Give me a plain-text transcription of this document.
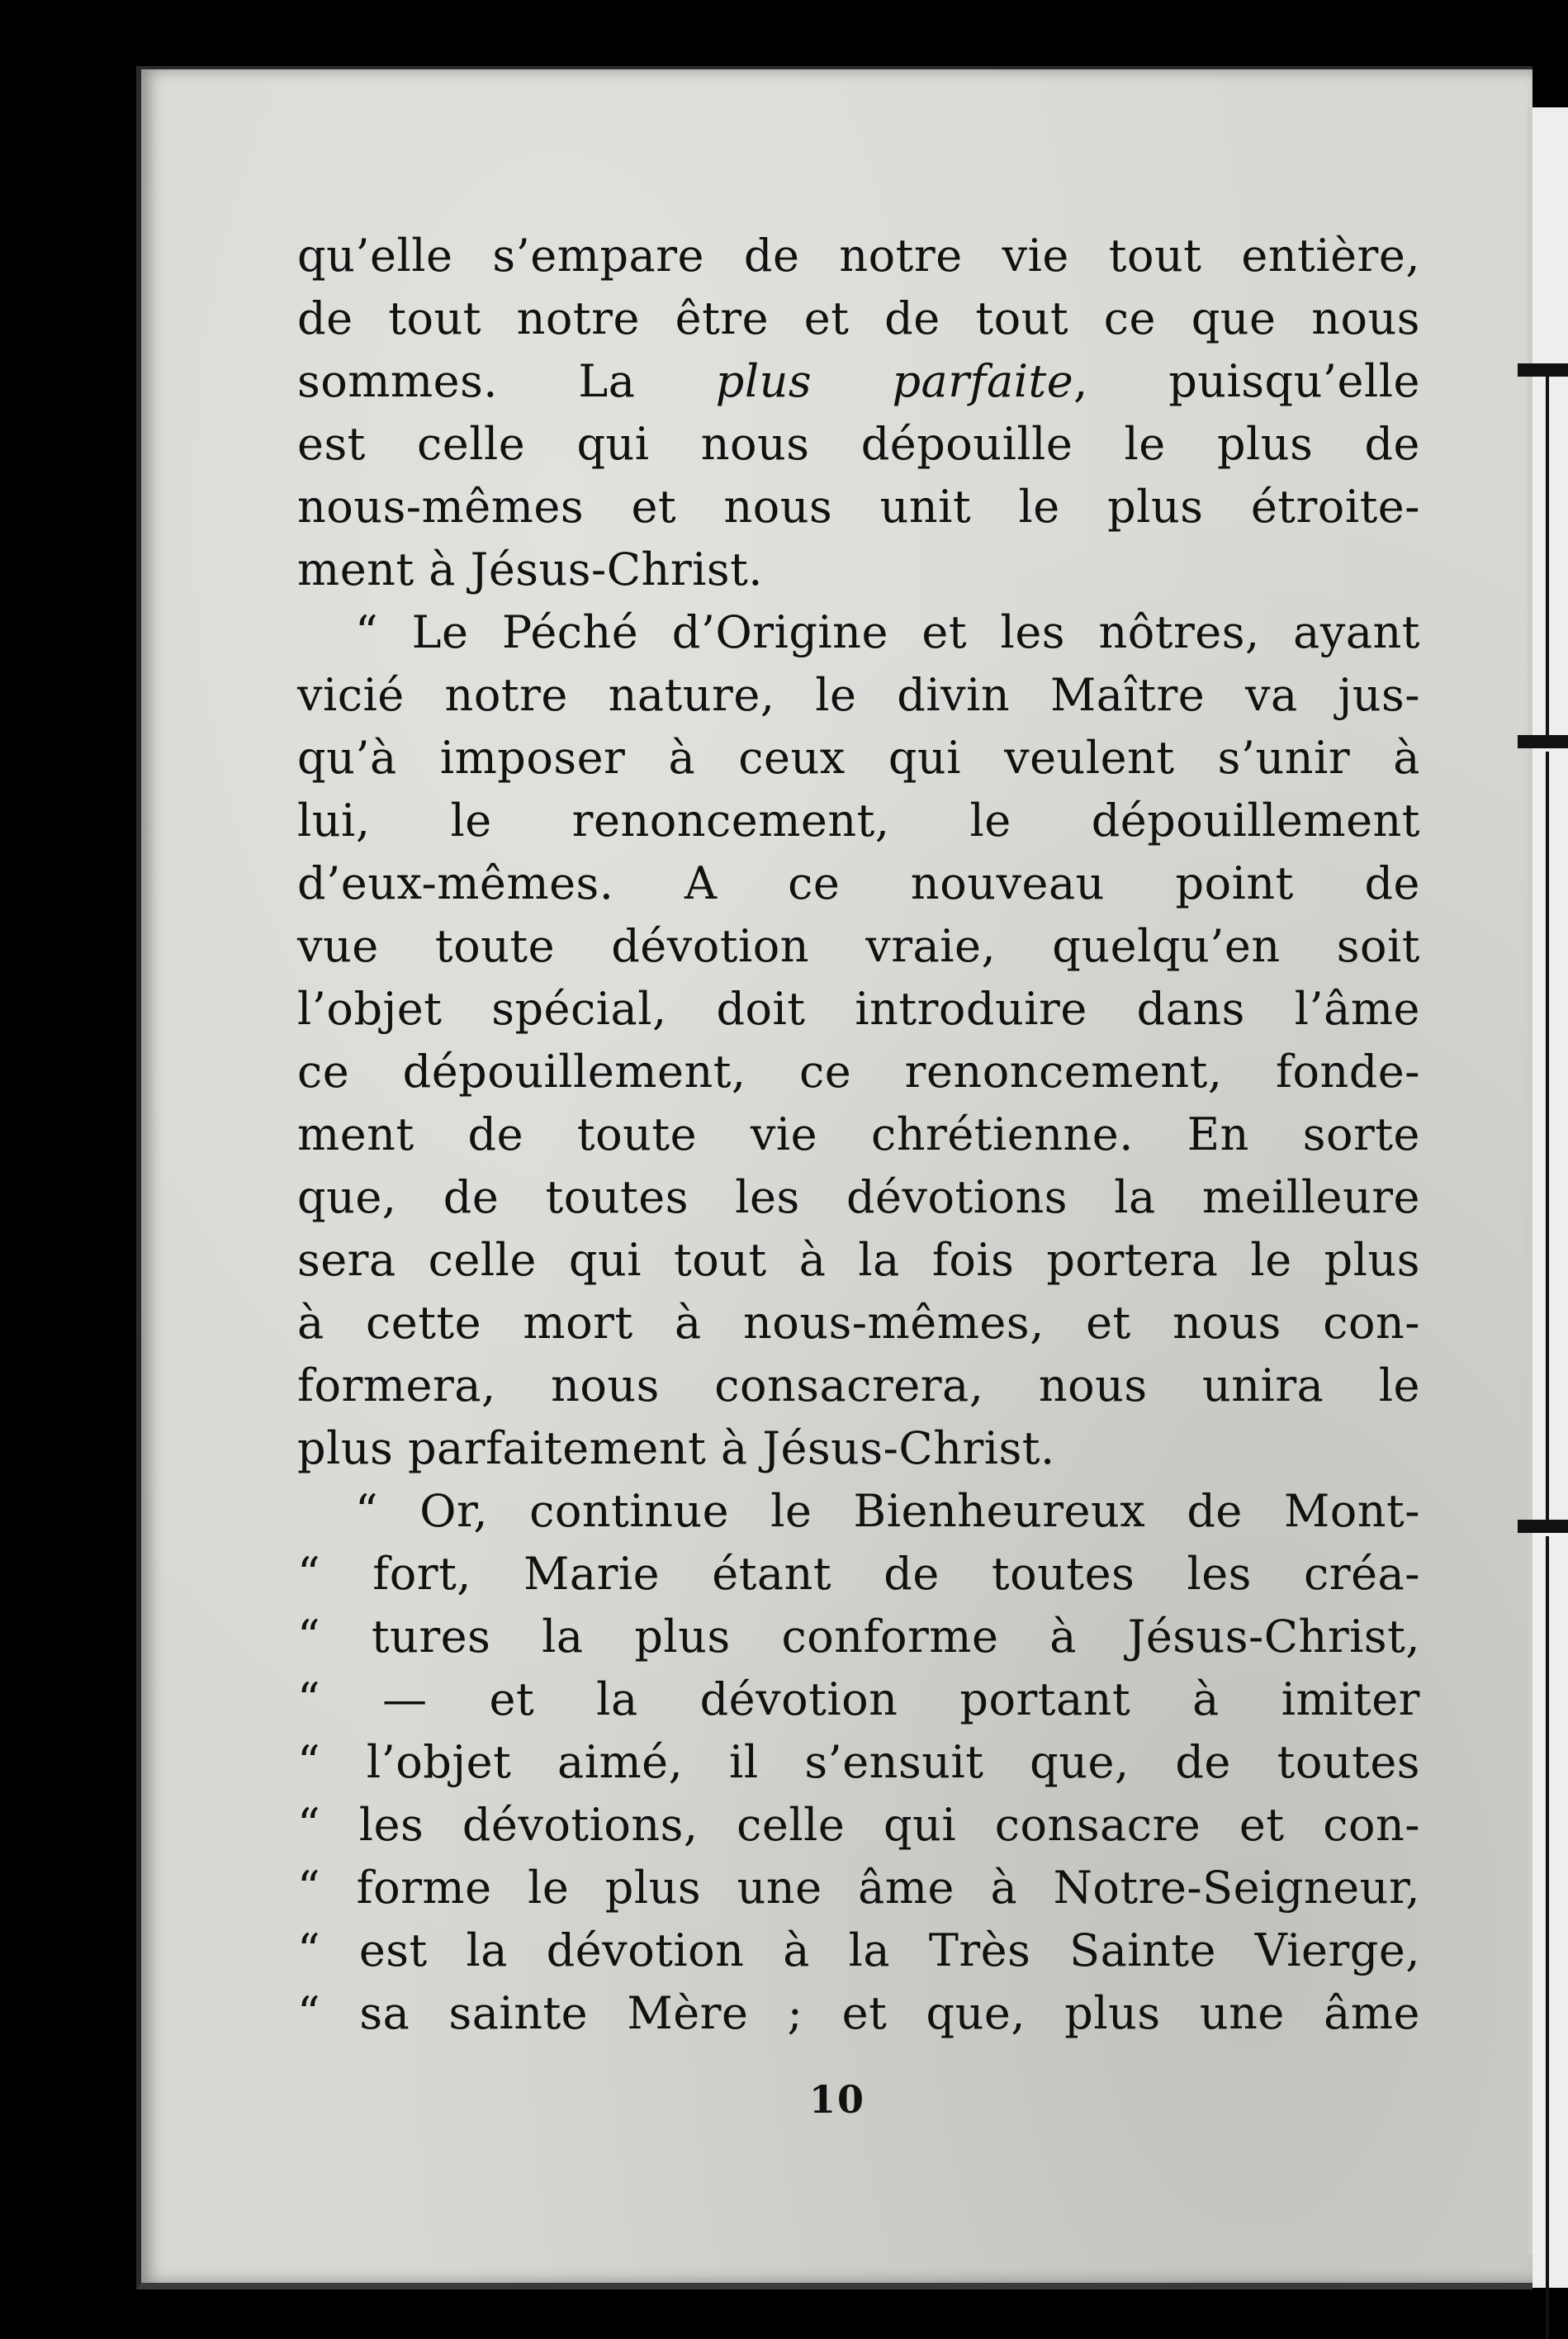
qu’elle s’empare de notre vie tout entière,
de tout notre être et de tout ce que nous
sommes. La plus parfaite, puisqu’elle
est celle qui nous dépouille le plus de
nous-mêmes et nous unit le plus étroite-
ment à Jésus-Christ.
“ Le Péché d’Origine et les nôtres, ayant
vicié notre nature, le divin Maître va jus-
qu’à imposer à ceux qui veulent s’unir à
lui, le renoncement, le dépouillement
d’eux-mêmes. A ce nouveau point de
vue toute dévotion vraie, quelqu’en soit
l’objet spécial, doit introduire dans l’âme
ce dépouillement, ce renoncement, fonde-
ment de toute vie chrétienne. En sorte
que, de toutes les dévotions la meilleure
sera celle qui tout à la fois portera le plus
à cette mort à nous-mêmes, et nous con-
formera, nous consacrera, nous unira le
plus parfaitement à Jésus-Christ.
“ Or, continue le Bienheureux de Mont-
“ fort, Marie étant de toutes les créa-
“ tures la plus conforme à Jésus-Christ,
“ — et la dévotion portant à imiter
“ l’objet aimé, il s’ensuit que, de toutes
“ les dévotions, celle qui consacre et con-
“ forme le plus une âme à Notre-Seigneur,
“ est la dévotion à la Très Sainte Vierge,
“ sa sainte Mère ; et que, plus une âme
10
